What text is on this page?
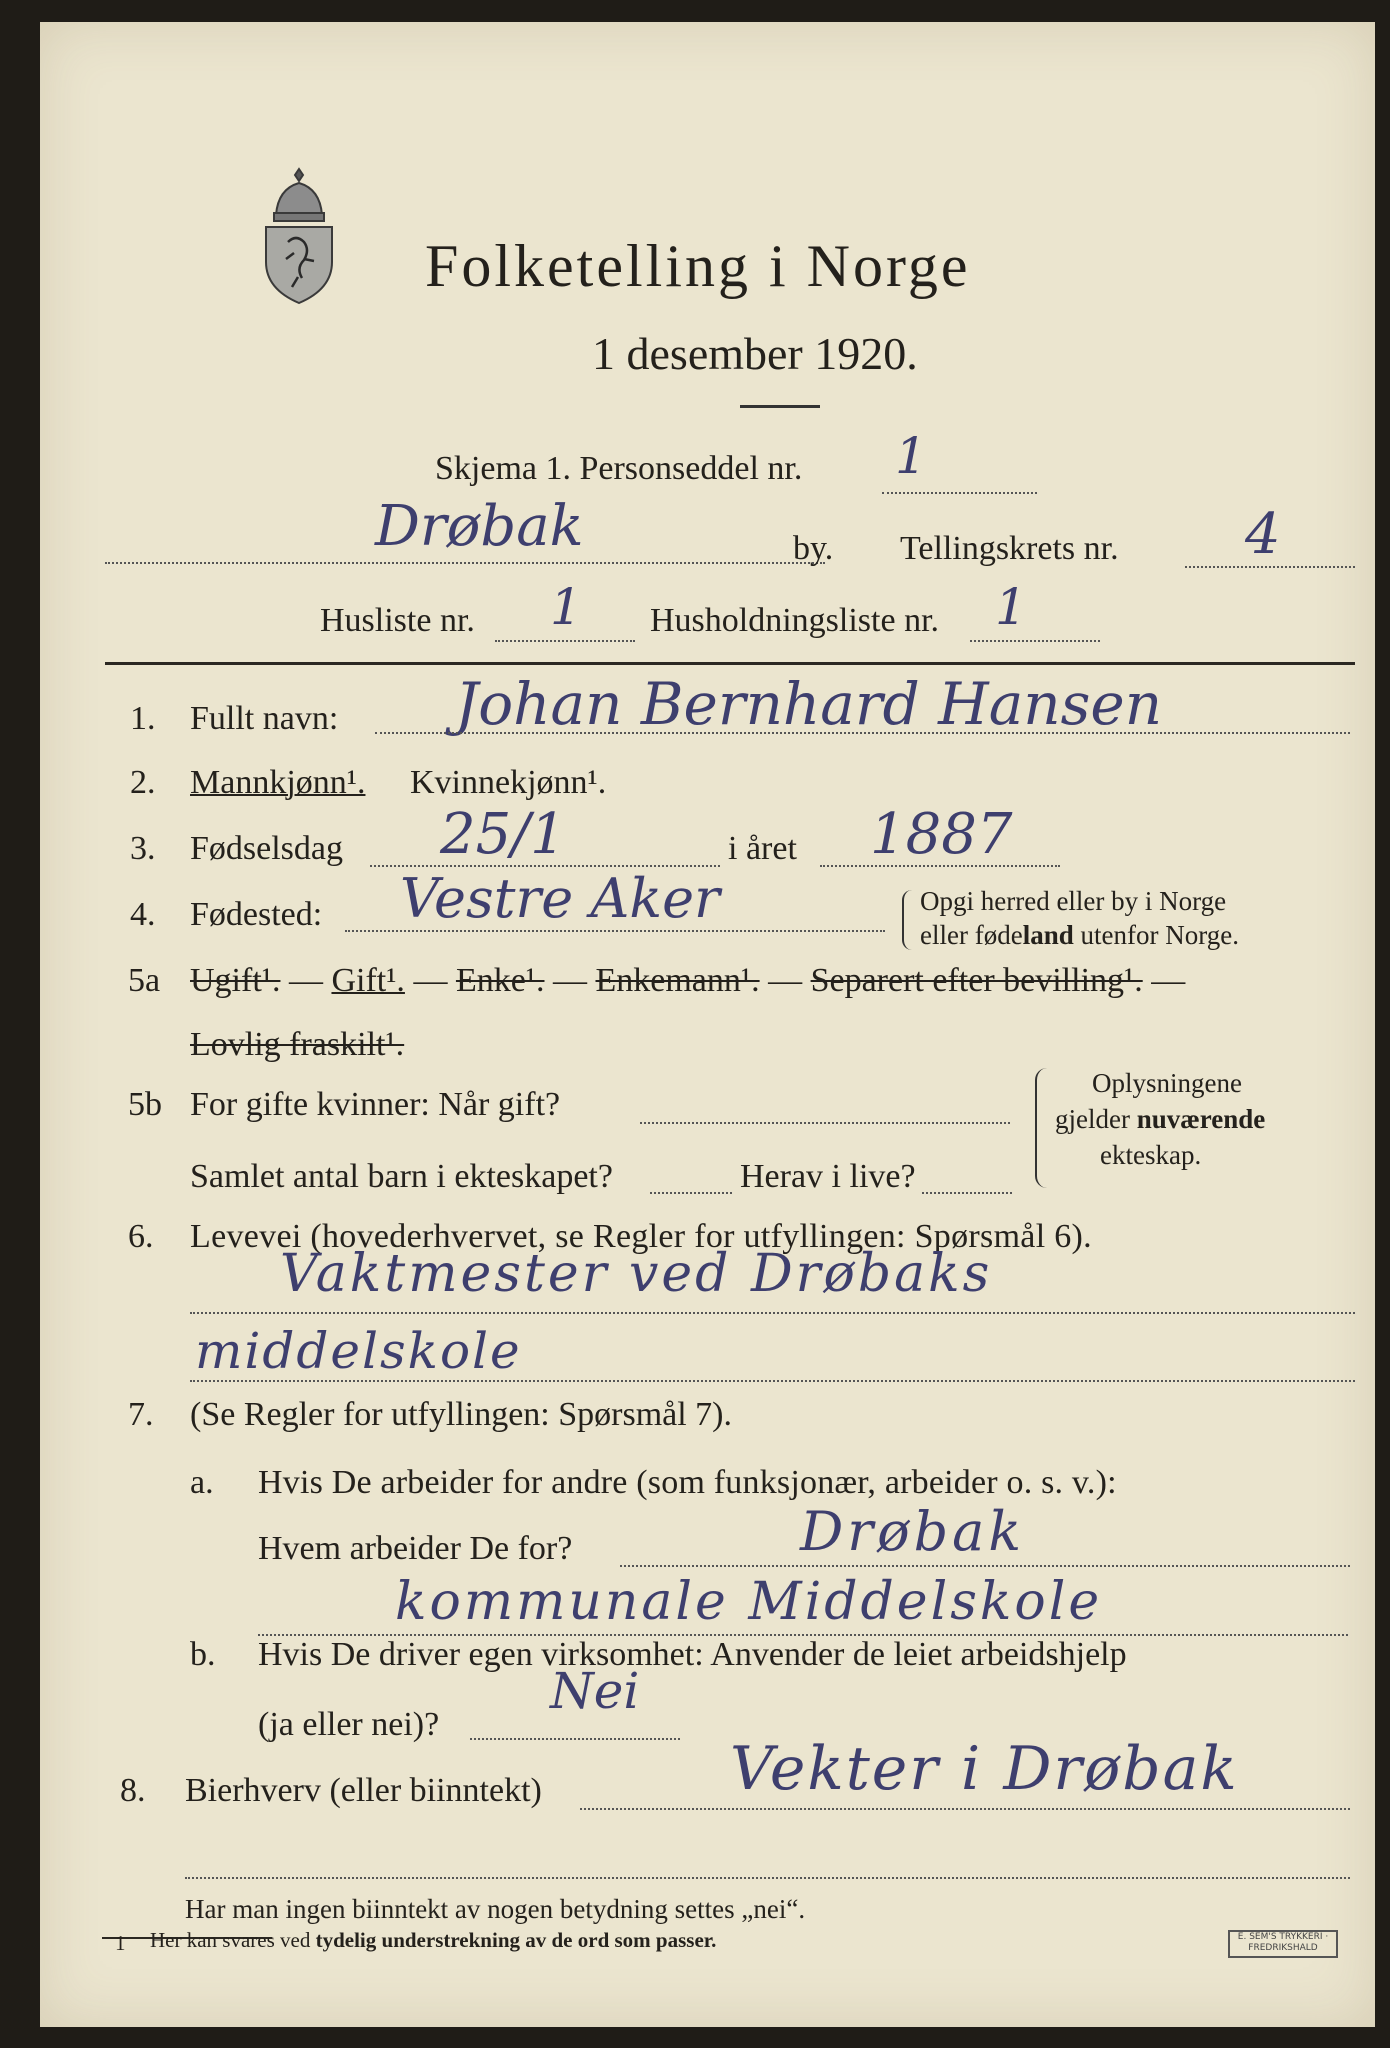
Folketelling i Norge
1 desember 1920.
Skjema 1. Personseddel nr. 1
Drøbak	by. Tellingskrets nr. 4
Husliste nr. 1 Husholdningsliste nr. 1
1. Fullt navn: Johan Bernhard Hansen
2. Mannkjønn¹. Kvinnekjønn¹.
3. Fødselsdag 25/1	i året 1887
4. Fødested: Vestre Aker	Opgi herred eller by i Norge
eller fødeland utenfor Norge.
5a Ugift¹. — Gift¹. — Enke¹. — Enkemann¹. — Separert efter bevilling¹. —
Lovlig fraskilt¹.
5b For gifte kvinner: Når gift?
Samlet antal barn i ekteskapet?	Herav i live?
Oplysningene
gjelder nuværende
ekteskap.
6. Levevei (hovederhvervet, se Regler for utfyllingen: Spørsmål 6).
Vaktmester ved Drøbaks
middelskole
7. (Se Regler for utfyllingen: Spørsmål 7).
a. Hvis De arbeider for andre (som funksjonær, arbeider o. s. v.):
Hvem arbeider De for?	Drøbak
kommunale Middelskole
b. Hvis De driver egen virksomhet: Anvender de leiet arbeidshjelp
(ja eller nei)?
Nei
8. Bierhverv (eller biinntekt)	Vekter i Drøbak
Har man ingen biinntekt av nogen betydning settes „nei“.
1 Her kan svares ved tydelig understrekning av de ord som passer.	E. SEM'S TRYKKERI · FREDRIKSHALD
